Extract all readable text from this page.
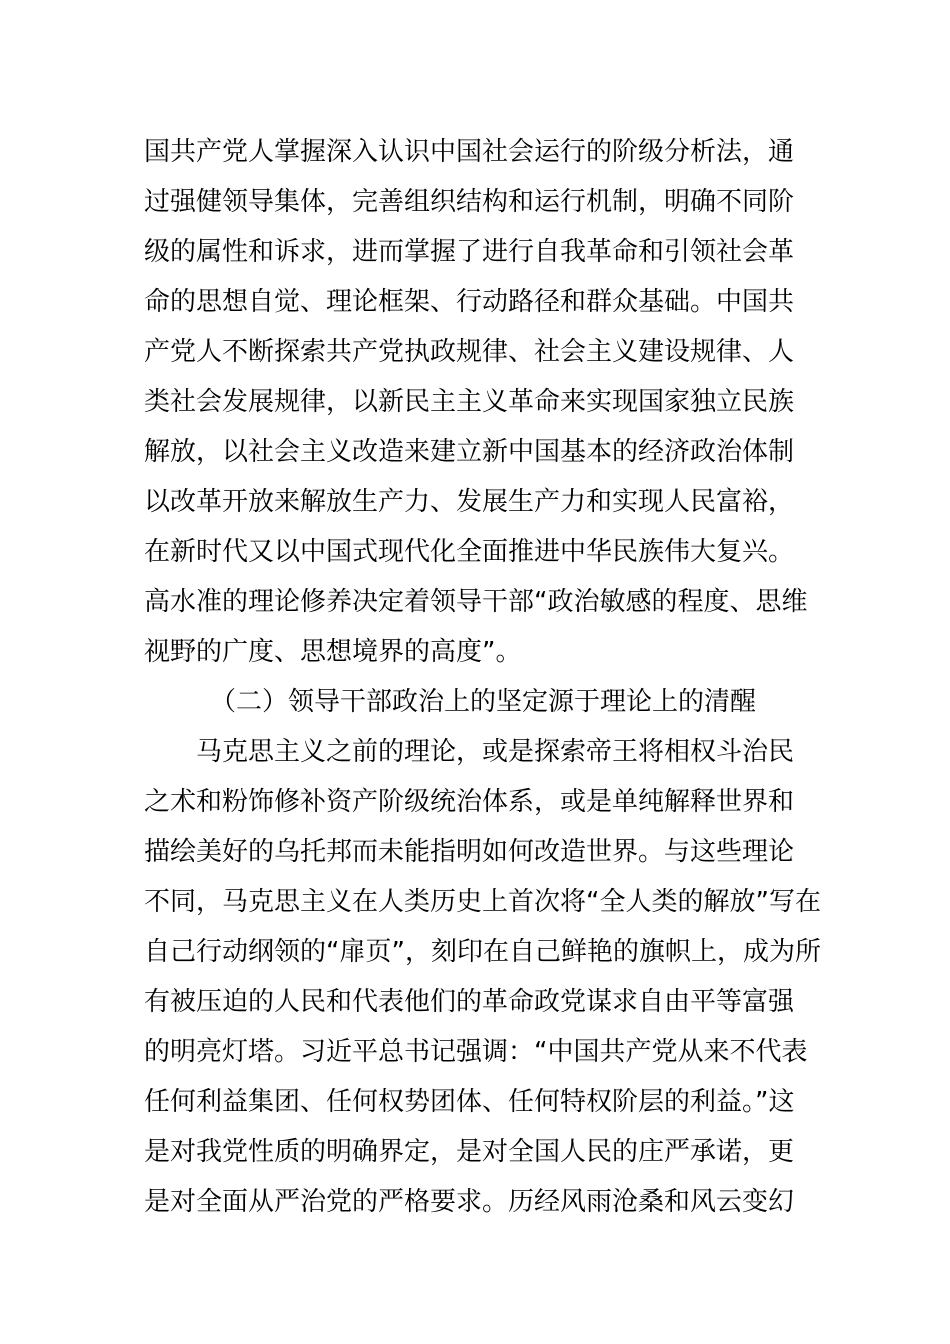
国共产党人掌握深入认识中国社会运行的阶级分析法，通
过强健领导集体，完善组织结构和运行机制，明确不同阶
级的属性和诉求，进而掌握了进行自我革命和引领社会革
命的思想自觉、理论框架、行动路径和群众基础。中国共
产党人不断探索共产党执政规律、社会主义建设规律、人
类社会发展规律，以新民主主义革命来实现国家独立民族
解放，以社会主义改造来建立新中国基本的经济政治体制
以改革开放来解放生产力、发展生产力和实现人民富裕，
在新时代又以中国式现代化全面推进中华民族伟大复兴。
高水准的理论修养决定着领导干部“政治敏感的程度、思维
视野的广度、思想境界的高度”。
（二）领导干部政治上的坚定源于理论上的清醒
马克思主义之前的理论，或是探索帝王将相权斗治民
之术和粉饰修补资产阶级统治体系，或是单纯解释世界和
描绘美好的乌托邦而未能指明如何改造世界。与这些理论
不同，马克思主义在人类历史上首次将“全人类的解放”写在
自己行动纲领的“扉页”，刻印在自己鲜艳的旗帜上，成为所
有被压迫的人民和代表他们的革命政党谋求自由平等富强
的明亮灯塔。习近平总书记强调：“中国共产党从来不代表
任何利益集团、任何权势团体、任何特权阶层的利益。”这
是对我党性质的明确界定，是对全国人民的庄严承诺，更
是对全面从严治党的严格要求。历经风雨沧桑和风云变幻
